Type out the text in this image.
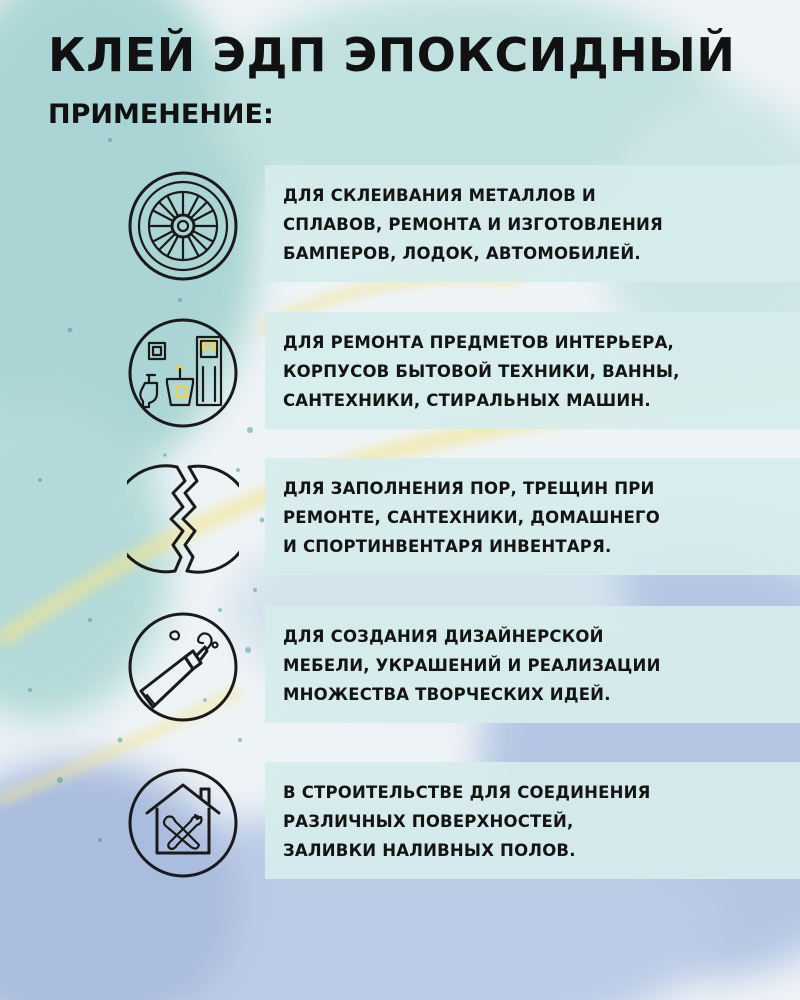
КЛЕЙ ЭДП ЭПОКСИДНЫЙ
ПРИМЕНЕНИЕ:
ДЛЯ СКЛЕИВАНИЯ МЕТАЛЛОВ И
СПЛАВОВ, РЕМОНТА И ИЗГОТОВЛЕНИЯ
БАМПЕРОВ, ЛОДОК, АВТОМОБИЛЕЙ.
ДЛЯ РЕМОНТА ПРЕДМЕТОВ ИНТЕРЬЕРА,
КОРПУСОВ БЫТОВОЙ ТЕХНИКИ, ВАННЫ,
САНТЕХНИКИ, СТИРАЛЬНЫХ МАШИН.
ДЛЯ ЗАПОЛНЕНИЯ ПОР, ТРЕЩИН ПРИ
РЕМОНТЕ, САНТЕХНИКИ, ДОМАШНЕГО
И СПОРТИНВЕНТАРЯ ИНВЕНТАРЯ.
ДЛЯ СОЗДАНИЯ ДИЗАЙНЕРСКОЙ
МЕБЕЛИ, УКРАШЕНИЙ И РЕАЛИЗАЦИИ
МНОЖЕСТВА ТВОРЧЕСКИХ ИДЕЙ.
В СТРОИТЕЛЬСТВЕ ДЛЯ СОЕДИНЕНИЯ
РАЗЛИЧНЫХ ПОВЕРХНОСТЕЙ,
ЗАЛИВКИ НАЛИВНЫХ ПОЛОВ.
